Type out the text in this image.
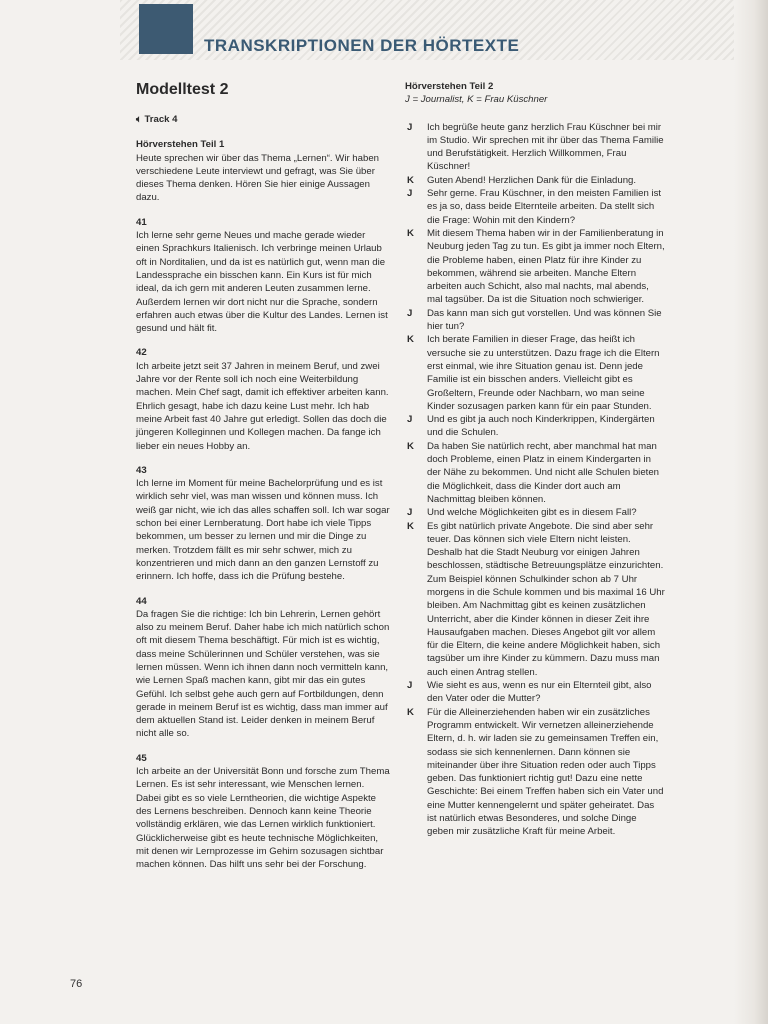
TRANSKRIPTIONEN DER HÖRTEXTE
Modelltest 2
🔈︎ Track 4
Hörverstehen Teil 1

Heute sprechen wir über das Thema „Lernen“. Wir haben verschiedene Leute interviewt und gefragt, was Sie über dieses Thema denken. Hören Sie hier einige Aussagen dazu.

41

Ich lerne sehr gerne Neues und mache gerade wieder einen Sprachkurs Italienisch. Ich verbringe meinen Urlaub oft in Norditalien, und da ist es natürlich gut, wenn man die Landessprache ein bisschen kann. Ein Kurs ist für mich ideal, da ich gern mit anderen Leuten zusammen lerne. Außerdem lernen wir dort nicht nur die Sprache, sondern erfahren auch etwas über die Kultur des Landes. Lernen ist gesund und hält fit.

42

Ich arbeite jetzt seit 37 Jahren in meinem Beruf, und zwei Jahre vor der Rente soll ich noch eine Weiterbildung machen. Mein Chef sagt, damit ich effektiver arbeiten kann. Ehrlich gesagt, habe ich dazu keine Lust mehr. Ich hab meine Arbeit fast 40 Jahre gut erledigt. Sollen das doch die jüngeren Kolleginnen und Kollegen machen. Da fange ich lieber ein neues Hobby an.

43

Ich lerne im Moment für meine Bachelorprüfung und es ist wirklich sehr viel, was man wissen und können muss. Ich weiß gar nicht, wie ich das alles schaffen soll. Ich war sogar schon bei einer Lernberatung. Dort habe ich viele Tipps bekommen, um besser zu lernen und mir die Dinge zu merken. Trotzdem fällt es mir sehr schwer, mich zu konzentrieren und mich dann an den ganzen Lernstoff zu erinnern. Ich hoffe, dass ich die Prüfung bestehe.

44

Da fragen Sie die richtige: Ich bin Lehrerin, Lernen gehört also zu meinem Beruf. Daher habe ich mich natürlich schon oft mit diesem Thema beschäftigt. Für mich ist es wichtig, dass meine Schülerinnen und Schüler verstehen, was sie lernen müssen. Wenn ich ihnen dann noch vermitteln kann, wie Lernen Spaß machen kann, gibt mir das ein gutes Gefühl. Ich selbst gehe auch gern auf Fortbildungen, denn gerade in meinem Beruf ist es wichtig, dass man immer auf dem aktuellen Stand ist. Leider denken in meinem Beruf nicht alle so.

45

Ich arbeite an der Universität Bonn und forsche zum Thema Lernen. Es ist sehr interessant, wie Menschen lernen. Dabei gibt es so viele Lerntheorien, die wichtige Aspekte des Lernens beschreiben. Dennoch kann keine Theorie vollständig erklären, wie das Lernen wirklich funktioniert. Glücklicherweise gibt es heute technische Möglichkeiten, mit denen wir Lernprozesse im Gehirn sozusagen sichtbar machen können. Das hilft uns sehr bei der Forschung.

Hörverstehen Teil 2
J = Journalist, K = Frau Küschner
J	Ich begrüße heute ganz herzlich Frau Küschner bei mir im Studio. Wir sprechen mit ihr über das Thema Familie und Berufstätigkeit. Herzlich Willkommen, Frau Küschner!
K	Guten Abend! Herzlichen Dank für die Einladung.
J	Sehr gerne. Frau Küschner, in den meisten Familien ist es ja so, dass beide Elternteile arbeiten. Da stellt sich die Frage: Wohin mit den Kindern?
K	Mit diesem Thema haben wir in der Familienberatung in Neuburg jeden Tag zu tun. Es gibt ja immer noch Eltern, die Probleme haben, einen Platz für ihre Kinder zu bekommen, während sie arbeiten. Manche Eltern arbeiten auch Schicht, also mal nachts, mal abends, mal tagsüber. Da ist die Situation noch schwieriger.
J	Das kann man sich gut vorstellen. Und was können Sie hier tun?
K	Ich berate Familien in dieser Frage, das heißt ich versuche sie zu unterstützen. Dazu frage ich die Eltern erst einmal, wie ihre Situation genau ist. Denn jede Familie ist ein bisschen anders. Vielleicht gibt es Großeltern, Freunde oder Nachbarn, wo man seine Kinder sozusagen parken kann für ein paar Stunden.
J	Und es gibt ja auch noch Kinderkrippen, Kindergärten und die Schulen.
K	Da haben Sie natürlich recht, aber manchmal hat man doch Probleme, einen Platz in einem Kindergarten in der Nähe zu bekommen. Und nicht alle Schulen bieten die Möglichkeit, dass die Kinder dort auch am Nachmittag bleiben können.
J	Und welche Möglichkeiten gibt es in diesem Fall?
K	Es gibt natürlich private Angebote. Die sind aber sehr teuer. Das können sich viele Eltern nicht leisten. Deshalb hat die Stadt Neuburg vor einigen Jahren beschlossen, städtische Betreuungsplätze einzurichten. Zum Beispiel können Schulkinder schon ab 7 Uhr morgens in die Schule kommen und bis maximal 16 Uhr bleiben. Am Nachmittag gibt es keinen zusätzlichen Unterricht, aber die Kinder können in dieser Zeit ihre Hausaufgaben machen. Dieses Angebot gilt vor allem für die Eltern, die keine andere Möglichkeit haben, sich tagsüber um ihre Kinder zu kümmern. Dazu muss man auch einen Antrag stellen.
J	Wie sieht es aus, wenn es nur ein Elternteil gibt, also den Vater oder die Mutter?
K	Für die Alleinerziehenden haben wir ein zusätzliches Programm entwickelt. Wir vernetzen alleinerziehende Eltern, d. h. wir laden sie zu gemeinsamen Treffen ein, sodass sie sich kennenlernen. Dann können sie miteinander über ihre Situation reden oder auch Tipps geben. Das funktioniert richtig gut! Dazu eine nette Geschichte: Bei einem Treffen haben sich ein Vater und eine Mutter kennengelernt und später geheiratet. Das ist natürlich etwas Besonderes, und solche Dinge geben mir zusätzliche Kraft für meine Arbeit.
76
